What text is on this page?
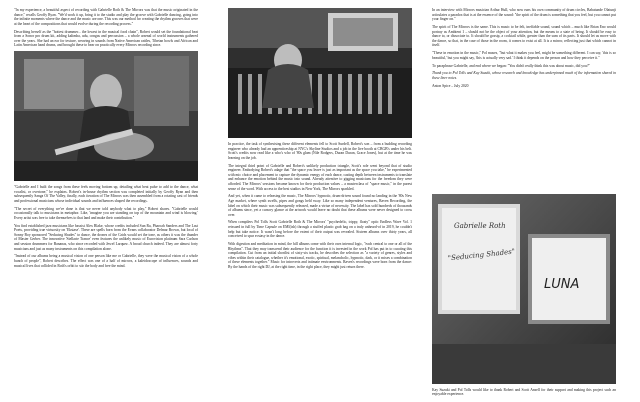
"In my experience, a beautiful aspect of recording with Gabrielle Roth & The Mirrors was that the music originated in the dance," recalls Geoffy Ryan. "We'd work it up, bring it to the studio and play the groove with Gabrielle dancing, going into the infinite moments where the dance and the music are one. This was our method for creating the rhythm grooves that were at the heart of the compositions that would evolve during the recording process."

Describing herself as the "hottest drummer... the lowest in the musical food chain", Robert would set the foundational beat from a Sonor pro drum kit, adding kalimba, udu, congas and percussion – a whole arsenal of world instruments gathered over the years. She had an ear for texture, weaving in sounds from Native American rattles, Tibetan bowls and African and Latin American hand drums, and brought these to bear on practically every Mirrors recording since.

"Gabrielle and I built the songs from these feels moving bottom up, detailing what beat pulse to add to the dance, what vocalist, or overtone," he explains. Robert's in-house rhythm section was completed initially by Geoffy Ryan and then subsequently Sanga Of The Valley, finally, each iteration of The Mirrors was then assembled from a rotating cast of friends and professional musicians whose individual sounds and influences shaped the recordings.

"The secret of everything we've done is that we never told anybody what to play," Robert shares. "Gabrielle would occasionally talk to musicians in metaphor. Like, 'imagine you are standing on top of the mountain and wind is blowing.' Every artist was free to take themselves to that land and make their contribution."

You find established jazz musicians like bassist Alex Blake, whose credits included Sun Ra, Pharoah Sanders and The Last Poets, providing true virtuosity on 'Ekstase'. These are spells born from the Evans collaborator Delmar Brown, but local of Sonny Boy sponsored "Seducing Shades" to dance, the drones of the Grids would set the tone, as others it was the thunder of Master Gerber. The innovative 'Stellarte Trance' even features the unlikely music of Eurovision platinum Sara Carlson and session drummers for Bananas, who since recorded with Jewel Larquez. A broad church indeed. They are almost forty musicians and just as many instruments on this compilation alone.

"Instead of our albums being a musical vision of one person like me or Gabrielle, they were the musical vision of a whole bunch of people", Robert describes. The effect was one of a half of mirrors, a kaleidoscope of influences, sounds and musical lives that collided in Roth's orbit to stir the body and free the mind.

In practice, the task of synthesising these different elements fell to Scott Surdell, Robert's son – from a budding recording engineer who already had an apprenticeship at NYC's Skyline Studios and a job in the live booth at CBGB's under his belt. Scott's credits now read like a who's who of '80s glam (Nile Rodgers, Duran Duran, Grace Jones), but at the time he was learning on the job.

The integral third point of Gabrielle and Robert's unlikely production triangle, Scott's role went beyond that of studio engineer. Embodying Robert's adage that "the space you leave is just as important as the space you take," he experimented with mic choice and placement to capture the dynamic energy of each dance, casting depth between instruments to translate and enhance the emotion behind the music into sound. Already attentive to gigging musicians for the freedom they were afforded. The Mirrors' sessions became known for their production values – a masterclass of "space music," in the purest sense of the word. With access to the best studios in New York, The Mirrors sparkled.

And yet, when it came to releasing the music, The Mirrors' hypnotic, drum-driven sound found no landing in the '80s New Age market, where synth swells, pipes and gongs held sway. Like so many independent ventures, Raven Recording, the label on which their music was subsequently released, made a virtue of necessity. The label has sold hundreds of thousands of albums since, yet a cursory glance at the artwork would leave no doubt that these albums were never designed to cross over.

When compilers Pol Tolls Scott Gabrielle Roth & The Mirrors' "psychedelic, trippy, floaty" optic Endless Wave Vol. 1 reissued in full by Time Capsule on EMI(ish) through a stuffed plastic grab bag on a truly unheard-of in 2019, he couldn't help but take notice. It wasn't long before the extent of their output was revealed. Sixteen albums over thirty years, all conceived to spur ecstasy in the dance.

With digestion and meditation in mind, the hill albums come with their own internal logic, "each central to one or all of the Rhythms". That they may transcend their audience for the function it is invested in the work Pol has put in to curating this compilation. Cut from an initial shortlist of sixty-six tracks, he describes the selection as "a variety of genres, styles and vibes within their catalogue, whether it's emotional, exotic, spiritual, melancholic, hypnotic, dark, or it mixes a combination of these elements together." Music for introverts and intimate environments. Raven's recordings were born from the dance: By the hands of the right DJ, at the right time, in the right place, they might just return there.

In an interview with Mirrors musician Arthur Hull, who now runs his own community of drum circles, Babatunde Olatunji articulates a paradox that is at the essence of the sound: "the spirit of the drum is something that you feel, but you cannot put your finger on."

The spirit of The Mirrors is the same. This is music to be felt, ineffable sound, sound which – much like Brian Eno would portray as Ambient 1 – should not be the object of your attention, but the means to a state of being. It should be easy to dance to, or dissociate to. It should be gossip, a cocktail while, greater than the sum of its parts. It should let us move with the dance, so that, in the case of those in the room, it comes to exist at all. It is a mirror, reflecting just that which cannot in itself.

"These in emotion in the music," Pol muses, "but what it makes you feel, might be something different. I can say, 'this is so beautiful,' but you might say, 'this is actually very sad.' I think it depends on the person and how they perceive it."

To paraphrase Gabrielle, and end where we began: "You didn't really think this was about music, did you?"

Thank you to Pol Tolls and Kay Suzuki, whose research and knowledge has underpinned much of the information shared in these liner notes.

Anton Spice – July 2020

Gabrielle Roth
"Seducing Shades"
LUNA

Kay Suzuki and Pol Tolls would like to thank Robert and Scott Ansell for their support and making this project such an enjoyable experience.
